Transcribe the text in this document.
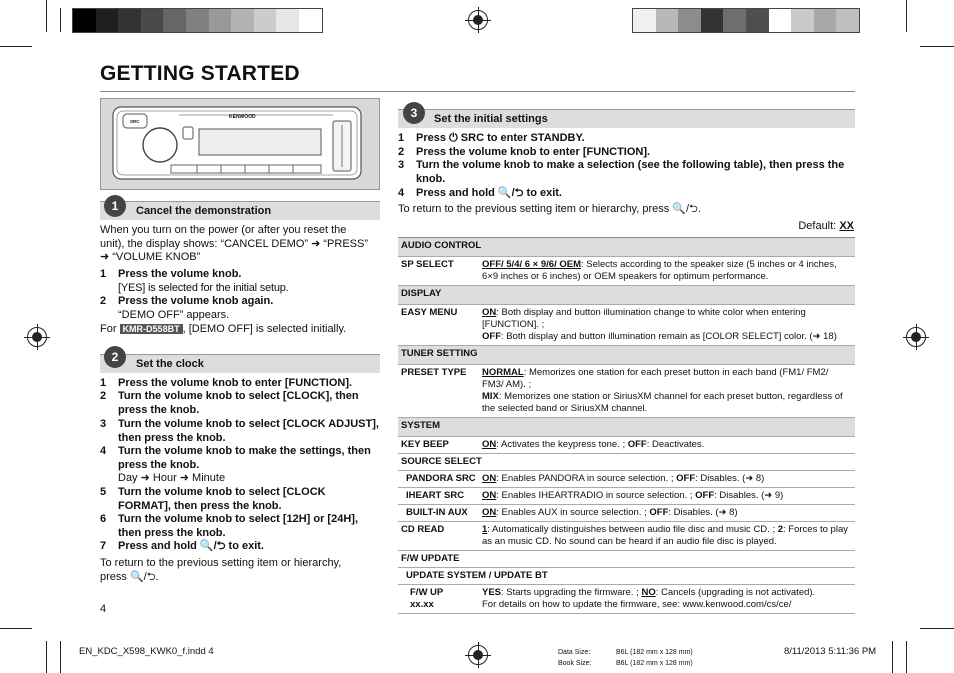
GETTING STARTED
KENWOOD
SRC
Cancel the demonstration
1
When you turn on the power (or after you reset the unit), the display shows: “CANCEL DEMO” ➜ “PRESS” ➜ “VOLUME KNOB”
1 Press the volume knob.
[YES] is selected for the initial setup.
2 Press the volume knob again.
“DEMO OFF” appears.
For KMR-D558BT , [DEMO OFF] is selected initially.
Set the clock
2
1 Press the volume knob to enter [FUNCTION].
2 Turn the volume knob to select [CLOCK], then press the knob.
3 Turn the volume knob to select [CLOCK ADJUST], then press the knob.
4 Turn the volume knob to make the settings, then press the knob.
Day ➜ Hour ➜ Minute
5 Turn the volume knob to select [CLOCK FORMAT], then press the knob.
6 Turn the volume knob to select [12H] or [24H], then press the knob.
7 Press and hold 🔍/⮌ to exit.
To return to the previous setting item or hierarchy, press 🔍/⮌.
4
Set the initial settings
3
1 Press ⏻ SRC to enter STANDBY.
2 Press the volume knob to enter [FUNCTION].
3 Turn the volume knob to make a selection (see the following table), then press the knob.
4 Press and hold 🔍/⮌ to exit.
To return to the previous setting item or hierarchy, press 🔍/⮌.
Default: XX
AUDIO CONTROL	
SP SELECT	OFF/ 5/4/ 6 × 9/6/ OEM: Selects according to the speaker size (5 inches or 4 inches, 6×9 inches or 6 inches) or OEM speakers for optimum performance.
DISPLAY	
EASY MENU	ON: Both display and button illumination change to white color when entering [FUNCTION]. ;
OFF: Both display and button illumination remain as [COLOR SELECT] color. (➜ 18)
TUNER SETTING	
PRESET TYPE	NORMAL: Memorizes one station for each preset button in each band (FM1/ FM2/ FM3/ AM). ;
MIX: Memorizes one station or SiriusXM channel for each preset button, regardless of the selected band or SiriusXM channel.
SYSTEM	
KEY BEEP	ON: Activates the keypress tone. ; OFF: Deactivates.
SOURCE SELECT	
PANDORA SRC	ON: Enables PANDORA in source selection. ; OFF: Disables. (➜ 8)
IHEART SRC	ON: Enables IHEARTRADIO in source selection. ; OFF: Disables. (➜ 9)
BUILT-IN AUX	ON: Enables AUX in source selection. ; OFF: Disables. (➜ 8)
CD READ	1: Automatically distinguishes between audio file disc and music CD. ; 2: Forces to play as an music CD. No sound can be heard if an audio file disc is played.
F/W UPDATE	
UPDATE SYSTEM / UPDATE BT	
F/W UP
xx.xx	YES: Starts upgrading the firmware. ; NO: Cancels (upgrading is not activated).
For details on how to update the firmware, see: www.kenwood.com/cs/ce/
EN_KDC_X598_KWK0_f.indd 4	Data Size:	B6L (182 mm x 128 mm)
Book Size:	B6L (182 mm x 128 mm)
8/11/2013 5:11:36 PM
